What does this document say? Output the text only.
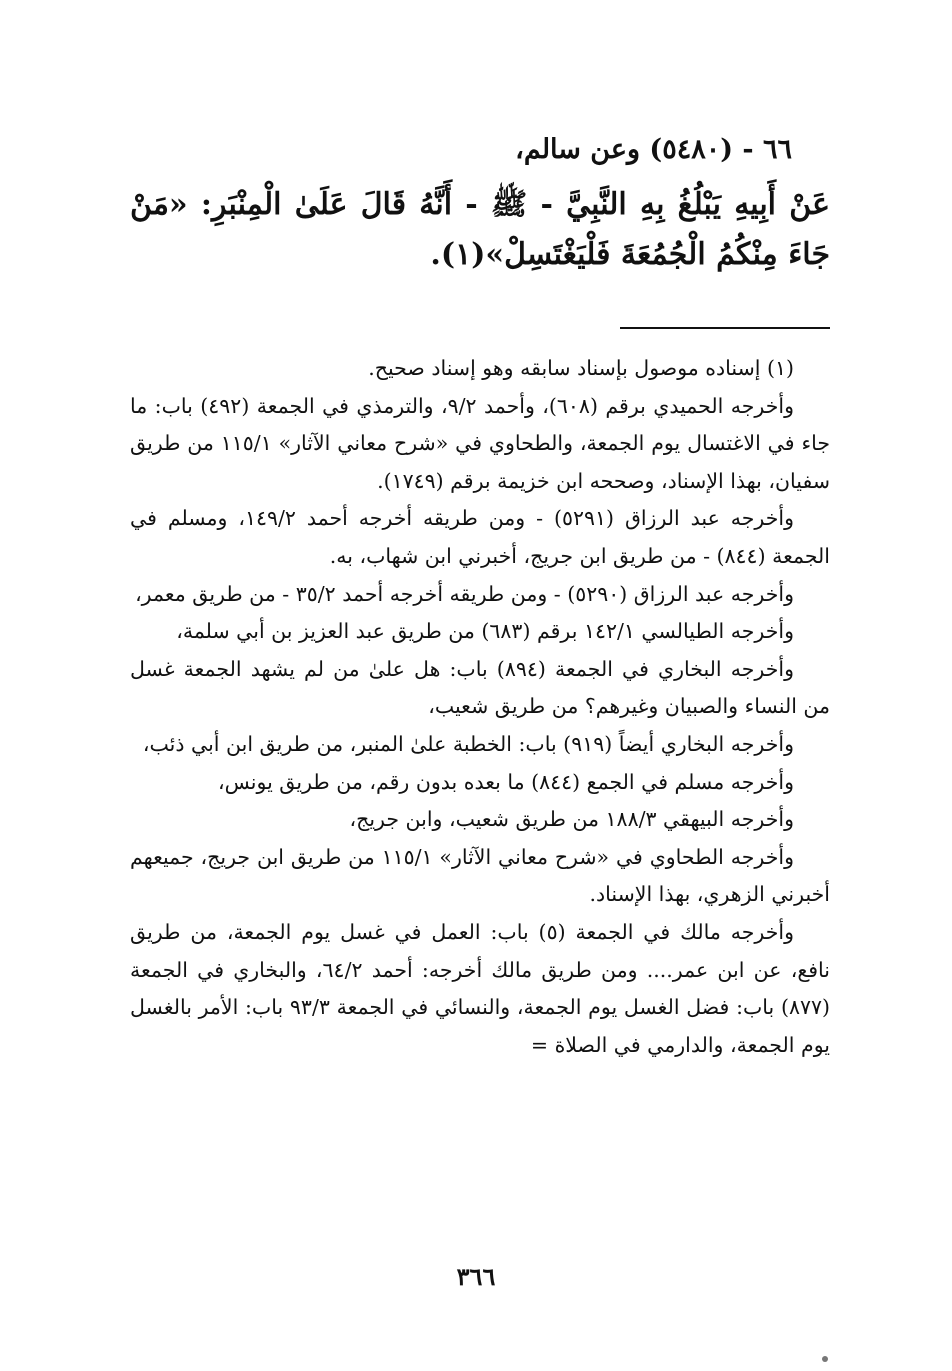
٦٦ - (٥٤٨٠) وعن سالم،
عَنْ أَبِيهِ يَبْلُغُ بِهِ النَّبِيَّ - ﷺ - أَنَّهُ قَالَ عَلَىٰ الْمِنْبَرِ: «مَنْ جَاءَ مِنْكُمُ الْجُمُعَةَ فَلْيَغْتَسِلْ»(١).

(١) إسناده موصول بإسناد سابقه وهو إسناد صحيح.

وأخرجه الحميدي برقم (٦٠٨)، وأحمد ٩/٢، والترمذي في الجمعة (٤٩٢) باب: ما جاء في الاغتسال يوم الجمعة، والطحاوي في «شرح معاني الآثار» ١١٥/١ من طريق سفيان، بهذا الإسناد، وصححه ابن خزيمة برقم (١٧٤٩).

وأخرجه عبد الرزاق (٥٢٩١) - ومن طريقه أخرجه أحمد ١٤٩/٢، ومسلم في الجمعة (٨٤٤) - من طريق ابن جريج، أخبرني ابن شهاب، به.

وأخرجه عبد الرزاق (٥٢٩٠) - ومن طريقه أخرجه أحمد ٣٥/٢ - من طريق معمر،

وأخرجه الطيالسي ١٤٢/١ برقم (٦٨٣) من طريق عبد العزيز بن أبي سلمة،

وأخرجه البخاري في الجمعة (٨٩٤) باب: هل علىٰ من لم يشهد الجمعة غسل من النساء والصبيان وغيرهم؟ من طريق شعيب،

وأخرجه البخاري أيضاً (٩١٩) باب: الخطبة علىٰ المنبر، من طريق ابن أبي ذئب،

وأخرجه مسلم في الجمع (٨٤٤) ما بعده بدون رقم، من طريق يونس،

وأخرجه البيهقي ١٨٨/٣ من طريق شعيب، وابن جريج،

وأخرجه الطحاوي في «شرح معاني الآثار» ١١٥/١ من طريق ابن جريج، جميعهم أخبرني الزهري، بهذا الإسناد.

وأخرجه مالك في الجمعة (٥) باب: العمل في غسل يوم الجمعة، من طريق نافع، عن ابن عمر.... ومن طريق مالك أخرجه: أحمد ٦٤/٢، والبخاري في الجمعة (٨٧٧) باب: فضل الغسل يوم الجمعة، والنسائي في الجمعة ٩٣/٣ باب: الأمر بالغسل يوم الجمعة، والدارمي في الصلاة =

٣٦٦
